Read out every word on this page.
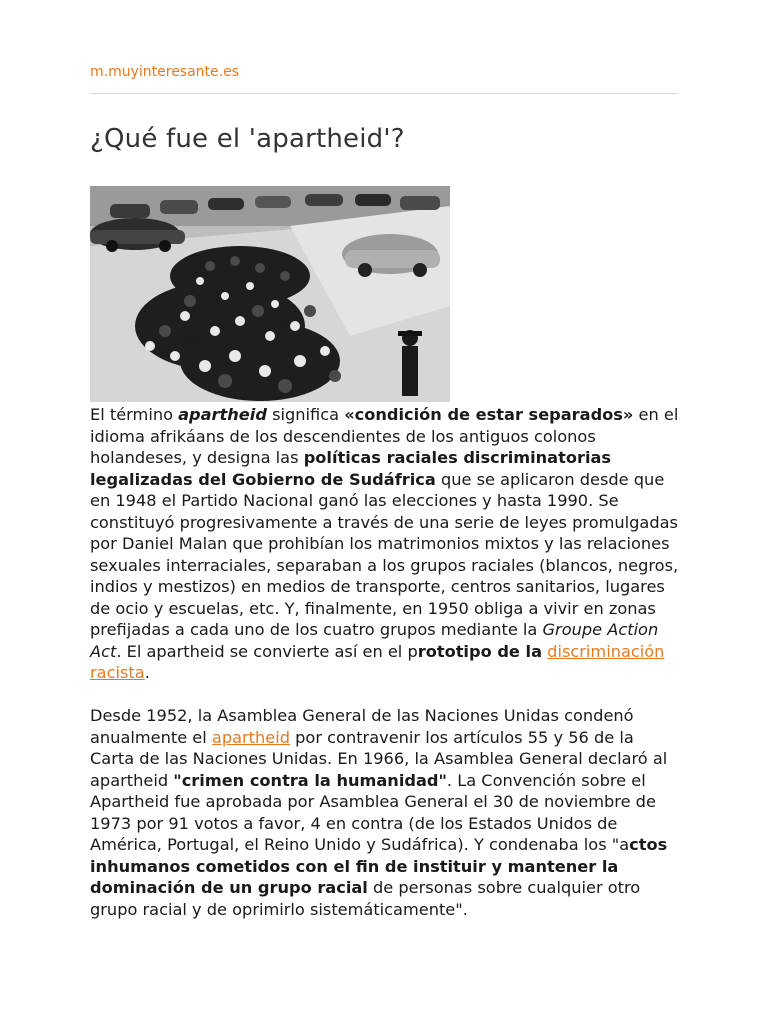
m.muyinteresante.es
¿Qué fue el 'apartheid'?

El término apartheid significa «condición de estar separados» en el idioma afrikáans de los descendientes de los antiguos colonos holandeses, y designa las políticas raciales discriminatorias legalizadas del Gobierno de Sudáfrica que se aplicaron desde que en 1948 el Partido Nacional ganó las elecciones y hasta 1990. Se constituyó progresivamente a través de una serie de leyes promulgadas por Daniel Malan que prohibían los matrimonios mixtos y las relaciones sexuales interraciales, separaban a los grupos raciales (blancos, negros, indios y mestizos) en medios de transporte, centros sanitarios, lugares de ocio y escuelas, etc. Y, finalmente, en 1950 obliga a vivir en zonas prefijadas a cada uno de los cuatro grupos mediante la Groupe Action Act. El apartheid se convierte así en el prototipo de la discriminación racista.

Desde 1952, la Asamblea General de las Naciones Unidas condenó anualmente el apartheid por contravenir los artículos 55 y 56 de la Carta de las Naciones Unidas. En 1966, la Asamblea General declaró al apartheid "crimen contra la humanidad". La Convención sobre el Apartheid fue aprobada por Asamblea General el 30 de noviembre de 1973 por 91 votos a favor, 4 en contra (de los Estados Unidos de América, Portugal, el Reino Unido y Sudáfrica). Y condenaba los "actos inhumanos cometidos con el fin de instituir y mantener la dominación de un grupo racial de personas sobre cualquier otro grupo racial y de oprimirlo sistemáticamente".
